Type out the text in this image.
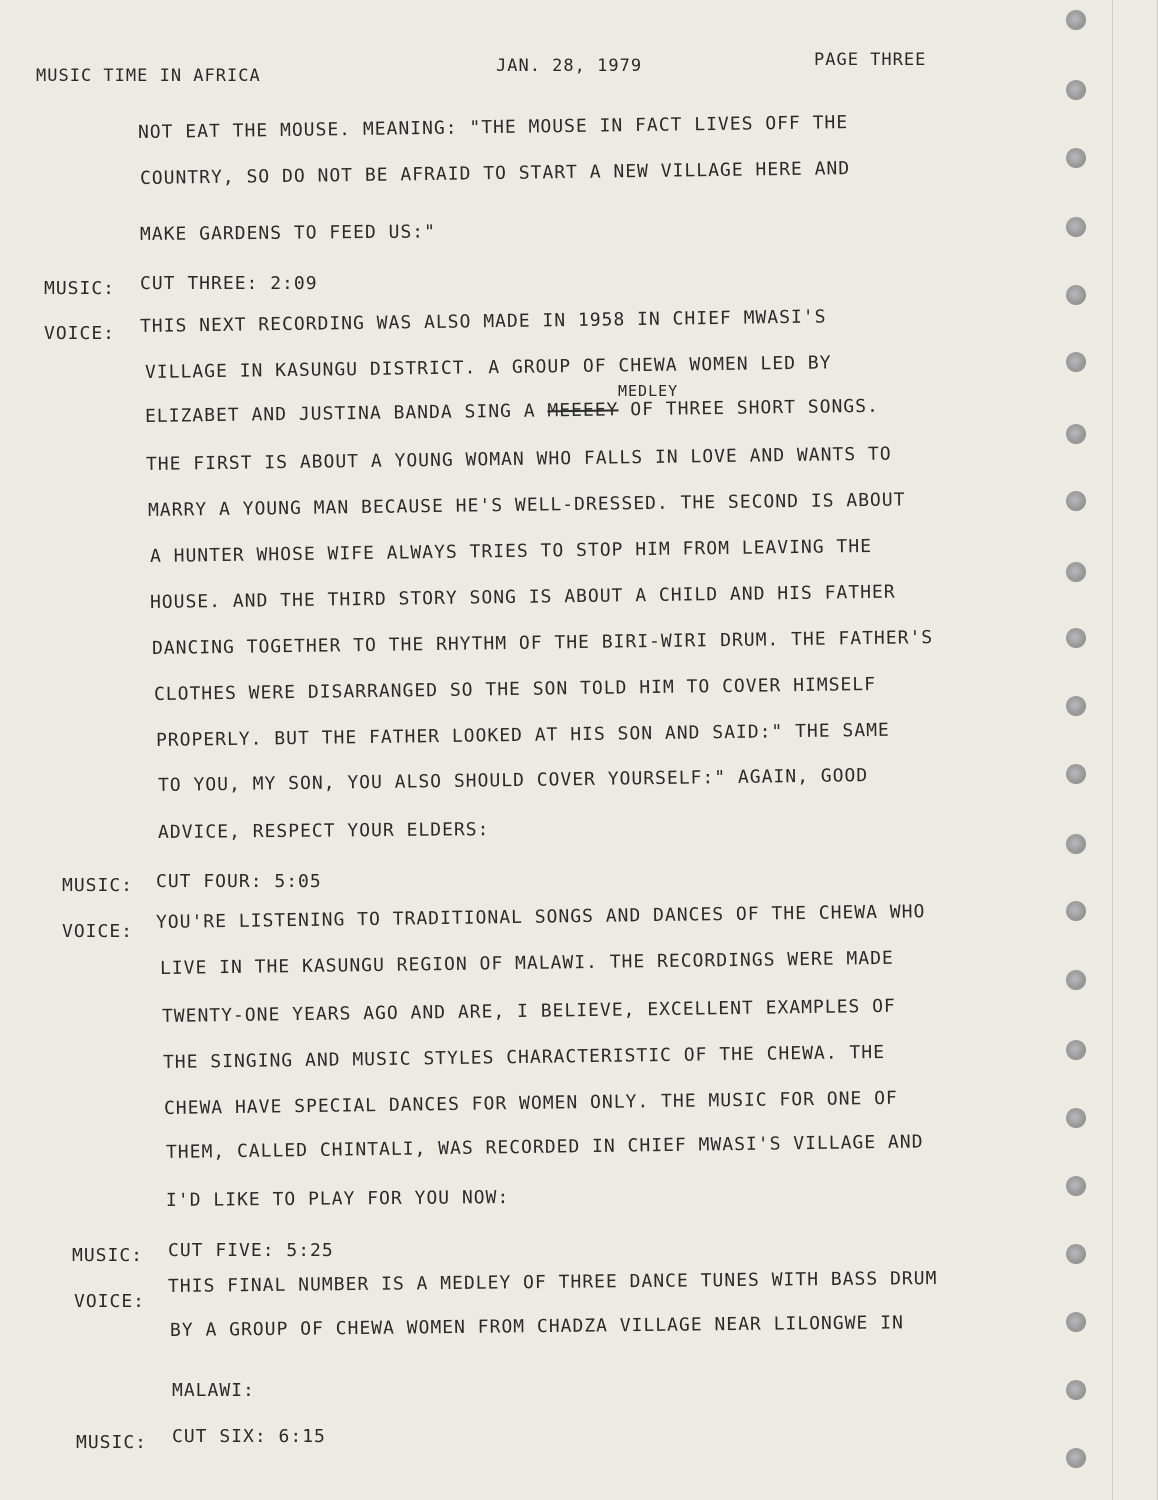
MUSIC TIME IN AFRICA	JAN. 28, 1979	PAGE THREE
NOT EAT THE MOUSE. MEANING: "THE MOUSE IN FACT LIVES OFF THE
COUNTRY, SO DO NOT BE AFRAID TO START A NEW VILLAGE HERE AND
MAKE GARDENS TO FEED US:"
MUSIC: CUT THREE: 2:09
VOICE: THIS NEXT RECORDING WAS ALSO MADE IN 1958 IN CHIEF MWASI'S
VILLAGE IN KASUNGU DISTRICT. A GROUP OF CHEWA WOMEN LED BY
MEDLEY
ELIZABET AND JUSTINA BANDA SING A MEEEEY OF THREE SHORT SONGS.
THE FIRST IS ABOUT A YOUNG WOMAN WHO FALLS IN LOVE AND WANTS TO
MARRY A YOUNG MAN BECAUSE HE'S WELL-DRESSED. THE SECOND IS ABOUT
A HUNTER WHOSE WIFE ALWAYS TRIES TO STOP HIM FROM LEAVING THE
HOUSE. AND THE THIRD STORY SONG IS ABOUT A CHILD AND HIS FATHER
DANCING TOGETHER TO THE RHYTHM OF THE BIRI-WIRI DRUM. THE FATHER'S
CLOTHES WERE DISARRANGED SO THE SON TOLD HIM TO COVER HIMSELF
PROPERLY. BUT THE FATHER LOOKED AT HIS SON AND SAID:" THE SAME
TO YOU, MY SON, YOU ALSO SHOULD COVER YOURSELF:" AGAIN, GOOD
ADVICE, RESPECT YOUR ELDERS:
MUSIC: CUT FOUR: 5:05
VOICE: YOU'RE LISTENING TO TRADITIONAL SONGS AND DANCES OF THE CHEWA WHO
LIVE IN THE KASUNGU REGION OF MALAWI. THE RECORDINGS WERE MADE
TWENTY-ONE YEARS AGO AND ARE, I BELIEVE, EXCELLENT EXAMPLES OF
THE SINGING AND MUSIC STYLES CHARACTERISTIC OF THE CHEWA. THE
CHEWA HAVE SPECIAL DANCES FOR WOMEN ONLY. THE MUSIC FOR ONE OF
THEM, CALLED CHINTALI, WAS RECORDED IN CHIEF MWASI'S VILLAGE AND
I'D LIKE TO PLAY FOR YOU NOW:
MUSIC: CUT FIVE: 5:25
VOICE:
THIS FINAL NUMBER IS A MEDLEY OF THREE DANCE TUNES WITH BASS DRUM
BY A GROUP OF CHEWA WOMEN FROM CHADZA VILLAGE NEAR LILONGWE IN
MALAWI:
MUSIC: CUT SIX: 6:15
